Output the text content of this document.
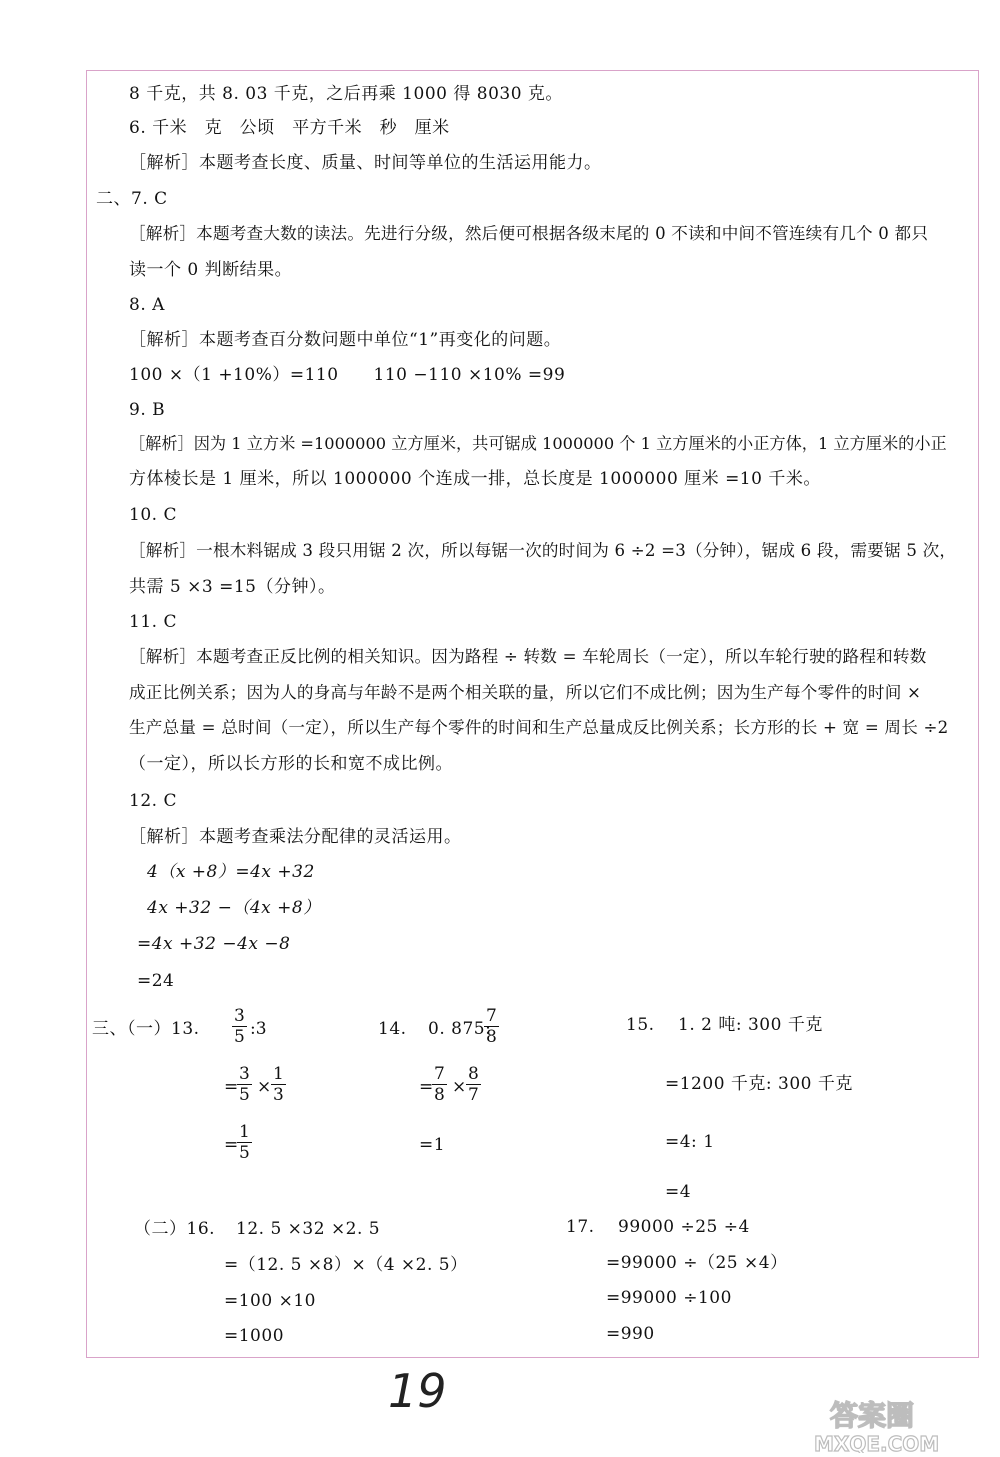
8 千克，共 8. 03 千克，之后再乘 1000 得 8030 克。
6. 千米　克　公顷　平方千米　秒　厘米
［解析］本题考查长度、质量、时间等单位的生活运用能力。
二、7. C
［解析］本题考查大数的读法。先进行分级，然后便可根据各级末尾的 0 不读和中间不管连续有几个 0 都只
读一个 0 判断结果。
8. A
［解析］本题考查百分数问题中单位“1”再变化的问题。
100 ×（1 +10%）=110　　110 −110 ×10% =99
9. B
［解析］因为 1 立方米 =1000000 立方厘米，共可锯成 1000000 个 1 立方厘米的小正方体，1 立方厘米的小正
方体棱长是 1 厘米，所以 1000000 个连成一排，总长度是 1000000 厘米 =10 千米。
10. C
［解析］一根木料锯成 3 段只用锯 2 次，所以每锯一次的时间为 6 ÷2 =3（分钟），锯成 6 段，需要锯 5 次，
共需 5 ×3 =15（分钟）。
11. C
［解析］本题考查正反比例的相关知识。因为路程 ÷ 转数 = 车轮周长（一定），所以车轮行驶的路程和转数
成正比例关系；因为人的身高与年龄不是两个相关联的量，所以它们不成比例；因为生产每个零件的时间 ×
生产总量 = 总时间（一定），所以生产每个零件的时间和生产总量成反比例关系；长方形的长 + 宽 = 周长 ÷2
（一定），所以长方形的长和宽不成比例。
12. C
［解析］本题考查乘法分配律的灵活运用。
4（x +8）=4x +32
4x +32 −（4x +8）
=4x +32 −4x −8
=24
三、（一）13.
3
5 :3
=
3
5 ×
1
3
=
1
5
14. 0. 875:
7
8
=
7
8 ×
8
7
=1
15. 1. 2 吨: 300 千克
=1200 千克: 300 千克
=4: 1
=4
（二）16. 12. 5 ×32 ×2. 5
=（12. 5 ×8）×（4 ×2. 5）
=100 ×10
=1000
17. 99000 ÷25 ÷4
=99000 ÷（25 ×4）
=99000 ÷100
=990
19	答案圈
MXQE.COM
